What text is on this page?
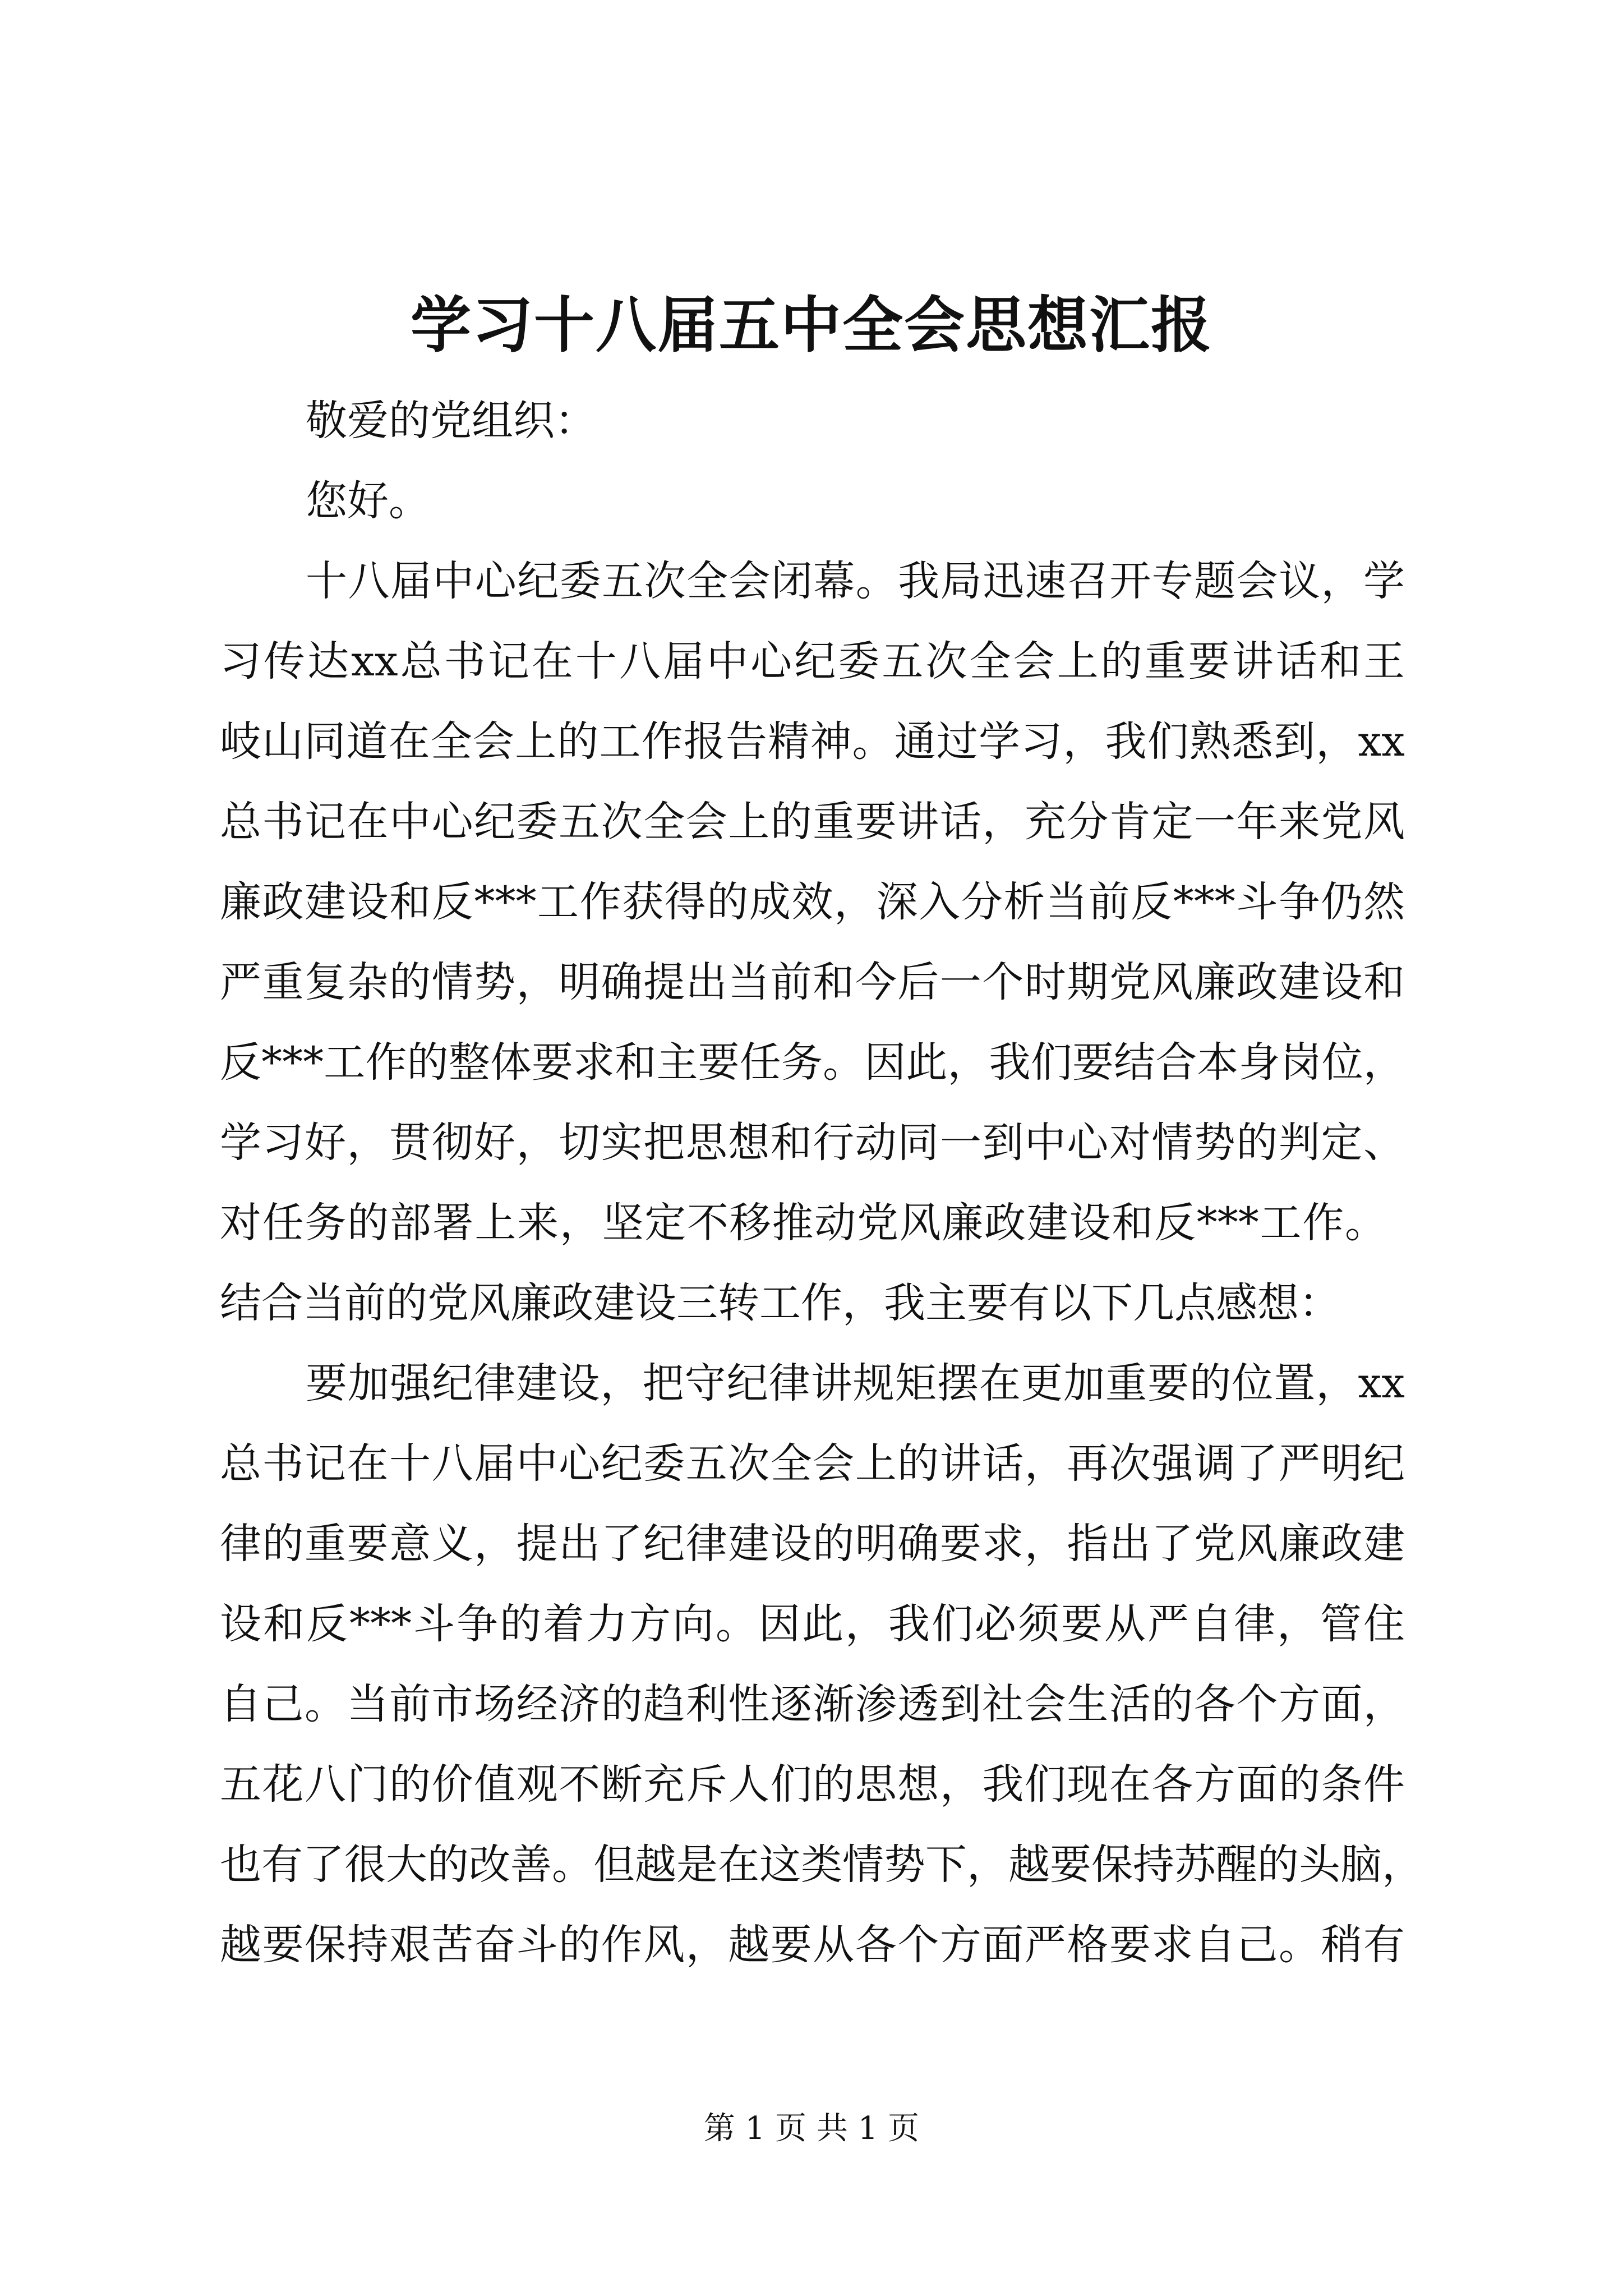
学习十八届五中全会思想汇报
敬爱的党组织：
您好。
十八届中心纪委五次全会闭幕。我局迅速召开专题会议，学
习传达xx总书记在十八届中心纪委五次全会上的重要讲话和王
岐山同道在全会上的工作报告精神。通过学习，我们熟悉到，xx
总书记在中心纪委五次全会上的重要讲话，充分肯定一年来党风
廉政建设和反***工作获得的成效，深入分析当前反***斗争仍然
严重复杂的情势，明确提出当前和今后一个时期党风廉政建设和
反***工作的整体要求和主要任务。因此，我们要结合本身岗位，
学习好，贯彻好，切实把思想和行动同一到中心对情势的判定、
对任务的部署上来，坚定不移推动党风廉政建设和反***工作。
结合当前的党风廉政建设三转工作，我主要有以下几点感想：
要加强纪律建设，把守纪律讲规矩摆在更加重要的位置，xx
总书记在十八届中心纪委五次全会上的讲话，再次强调了严明纪
律的重要意义，提出了纪律建设的明确要求，指出了党风廉政建
设和反***斗争的着力方向。因此，我们必须要从严自律，管住
自己。当前市场经济的趋利性逐渐渗透到社会生活的各个方面，
五花八门的价值观不断充斥人们的思想，我们现在各方面的条件
也有了很大的改善。但越是在这类情势下，越要保持苏醒的头脑，
越要保持艰苦奋斗的作风，越要从各个方面严格要求自己。稍有
第 1 页 共 1 页
